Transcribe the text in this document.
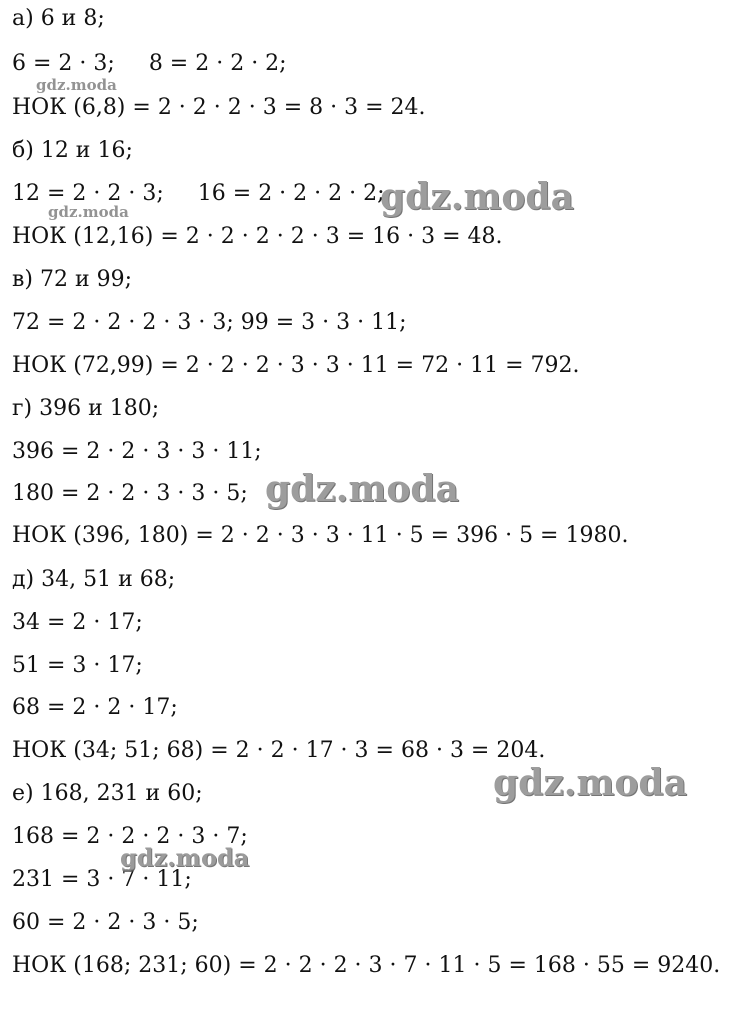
а) 6 и 8;
6 = 2 · 3; 8 = 2 · 2 · 2;
НОК (6,8) = 2 · 2 · 2 · 3 = 8 · 3 = 24.
б) 12 и 16;
12 = 2 · 2 · 3; 16 = 2 · 2 · 2 · 2;
НОК (12,16) = 2 · 2 · 2 · 2 · 3 = 16 · 3 = 48.
в) 72 и 99;
72 = 2 · 2 · 2 · 3 · 3; 99 = 3 · 3 · 11;
НОК (72,99) = 2 · 2 · 2 · 3 · 3 · 11 = 72 · 11 = 792.
г) 396 и 180;
396 = 2 · 2 · 3 · 3 · 11;
180 = 2 · 2 · 3 · 3 · 5;
НОК (396, 180) = 2 · 2 · 3 · 3 · 11 · 5 = 396 · 5 = 1980.
д) 34, 51 и 68;
34 = 2 · 17;
51 = 3 · 17;
68 = 2 · 2 · 17;
НОК (34; 51; 68) = 2 · 2 · 17 · 3 = 68 · 3 = 204.
е) 168, 231 и 60;
168 = 2 · 2 · 2 · 3 · 7;
231 = 3 · 7 · 11;
60 = 2 · 2 · 3 · 5;
НОК (168; 231; 60) = 2 · 2 · 2 · 3 · 7 · 11 · 5 = 168 · 55 = 9240.
gdz.moda
gdz.moda
gdz.moda
gdz.moda
gdz.moda
gdz.moda
